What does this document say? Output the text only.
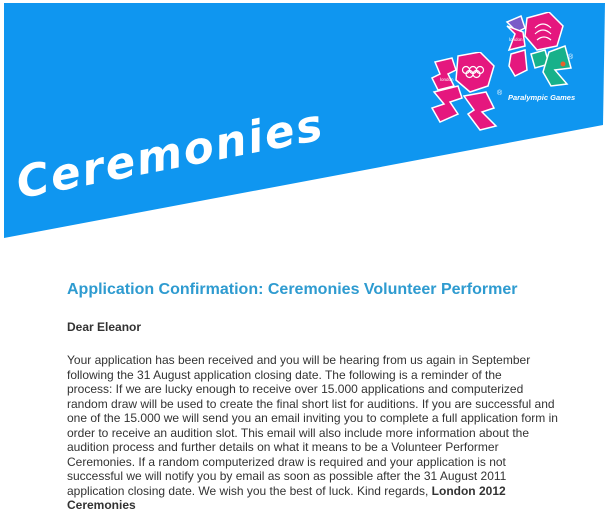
Ceremonies
london
®
london
®
Paralympic Games
Application Confirmation: Ceremonies Volunteer Performer
Dear Eleanor
Your application has been received and you will be hearing from us again in September
following the 31 August application closing date. The following is a reminder of the
process: If we are lucky enough to receive over 15.000 applications and computerized
random draw will be used to create the final short list for auditions. If you are successful and
one of the 15.000 we will send you an email inviting you to complete a full application form in
order to receive an audition slot. This email will also include more information about the
audition process and further details on what it means to be a Volunteer Performer
Ceremonies. If a random computerized draw is required and your application is not
successful we will notify you by email as soon as possible after the 31 August 2011
application closing date. We wish you the best of luck. Kind regards, London 2012
Ceremonies
